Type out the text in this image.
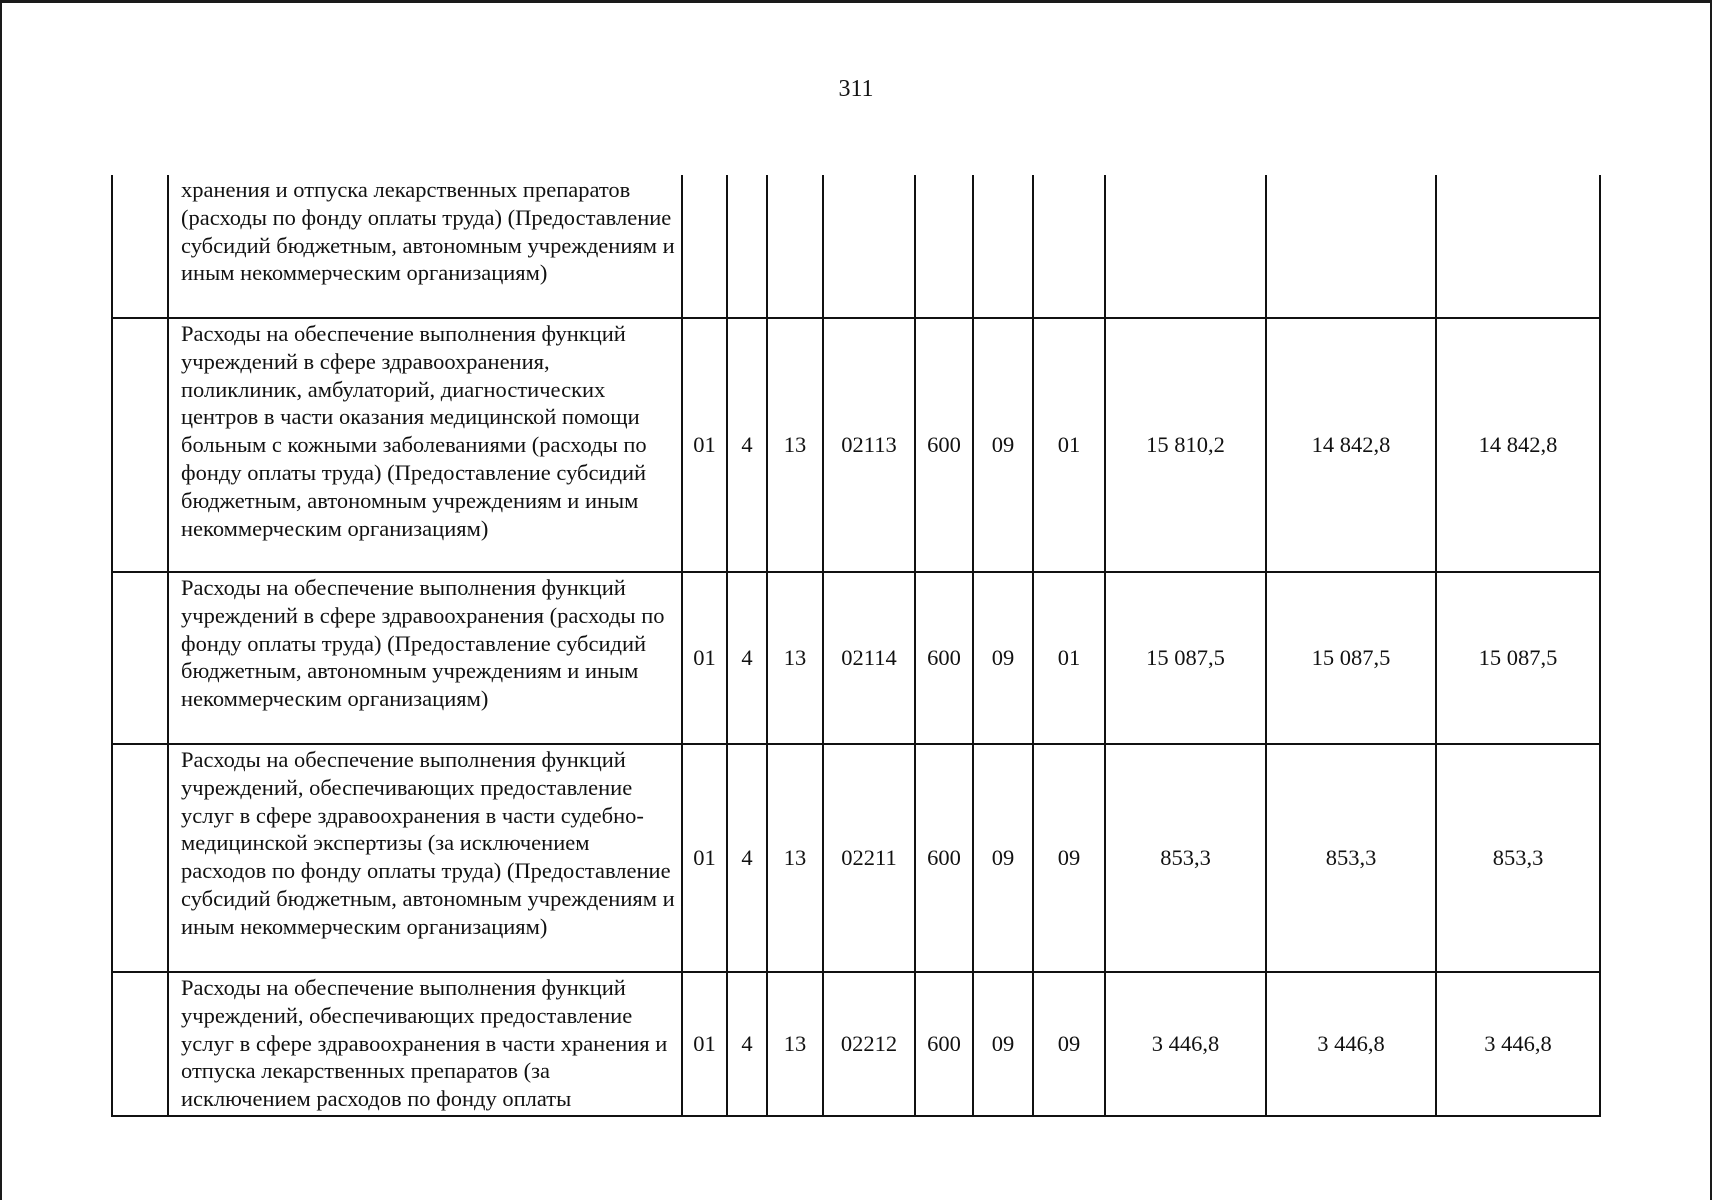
311
	хранения и отпуска лекарственных препаратов (расходы по фонду оплаты труда) (Предоставление субсидий бюджетным, автономным учреждениям и иным некоммерческим организациям)										
	Расходы на обеспечение выполнения функций учреждений в сфере здравоохранения, поликлиник, амбулаторий, диагностических центров в части оказания медицинской помощи больным с кожными заболеваниями (расходы по фонду оплаты труда) (Предоставление субсидий бюджетным, автономным учреждениям и иным некоммерческим организациям)	01	4	13	02113	600	09	01	15 810,2	14 842,8	14 842,8
	Расходы на обеспечение выполнения функций учреждений в сфере здравоохранения (расходы по фонду оплаты труда) (Предоставление субсидий бюджетным, автономным учреждениям и иным некоммерческим организациям)	01	4	13	02114	600	09	01	15 087,5	15 087,5	15 087,5
	Расходы на обеспечение выполнения функций учреждений, обеспечивающих предоставление услуг в сфере здравоохранения в части судебно-медицинской экспертизы (за исключением расходов по фонду оплаты труда) (Предоставление субсидий бюджетным, автономным учреждениям и иным некоммерческим организациям)	01	4	13	02211	600	09	09	853,3	853,3	853,3
	Расходы на обеспечение выполнения функций учреждений, обеспечивающих предоставление услуг в сфере здравоохранения в части хранения и отпуска лекарственных препаратов (за исключением расходов по фонду оплаты	01	4	13	02212	600	09	09	3 446,8	3 446,8	3 446,8
